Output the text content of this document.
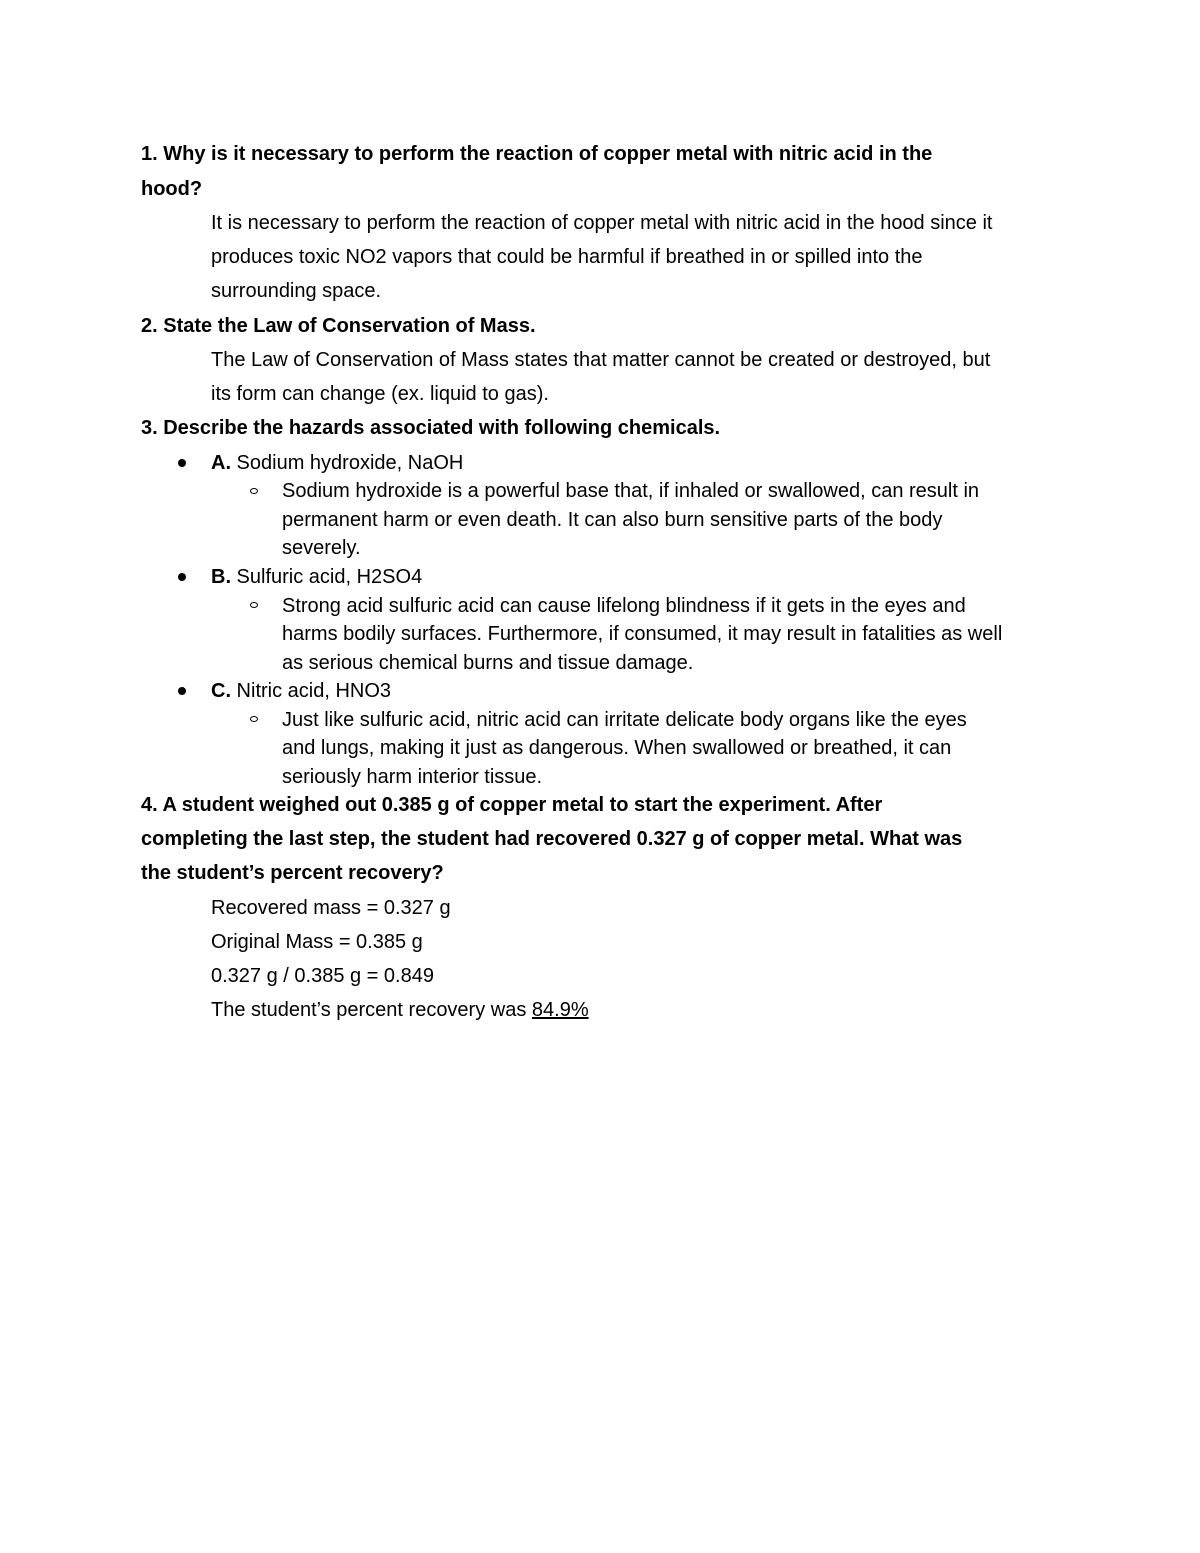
1. Why is it necessary to perform the reaction of copper metal with nitric acid in the
hood?
It is necessary to perform the reaction of copper metal with nitric acid in the hood since it
produces toxic NO2 vapors that could be harmful if breathed in or spilled into the
surrounding space.
2. State the Law of Conservation of Mass.
The Law of Conservation of Mass states that matter cannot be created or destroyed, but
its form can change (ex. liquid to gas).
3. Describe the hazards associated with following chemicals.
A. Sodium hydroxide, NaOH
Sodium hydroxide is a powerful base that, if inhaled or swallowed, can result in
permanent harm or even death. It can also burn sensitive parts of the body
severely.
B. Sulfuric acid, H2SO4
Strong acid sulfuric acid can cause lifelong blindness if it gets in the eyes and
harms bodily surfaces. Furthermore, if consumed, it may result in fatalities as well
as serious chemical burns and tissue damage.
C. Nitric acid, HNO3
Just like sulfuric acid, nitric acid can irritate delicate body organs like the eyes
and lungs, making it just as dangerous. When swallowed or breathed, it can
seriously harm interior tissue.
4. A student weighed out 0.385 g of copper metal to start the experiment. After
completing the last step, the student had recovered 0.327 g of copper metal. What was
the student’s percent recovery?
Recovered mass = 0.327 g
Original Mass = 0.385 g
0.327 g / 0.385 g = 0.849
The student’s percent recovery was 84.9%
